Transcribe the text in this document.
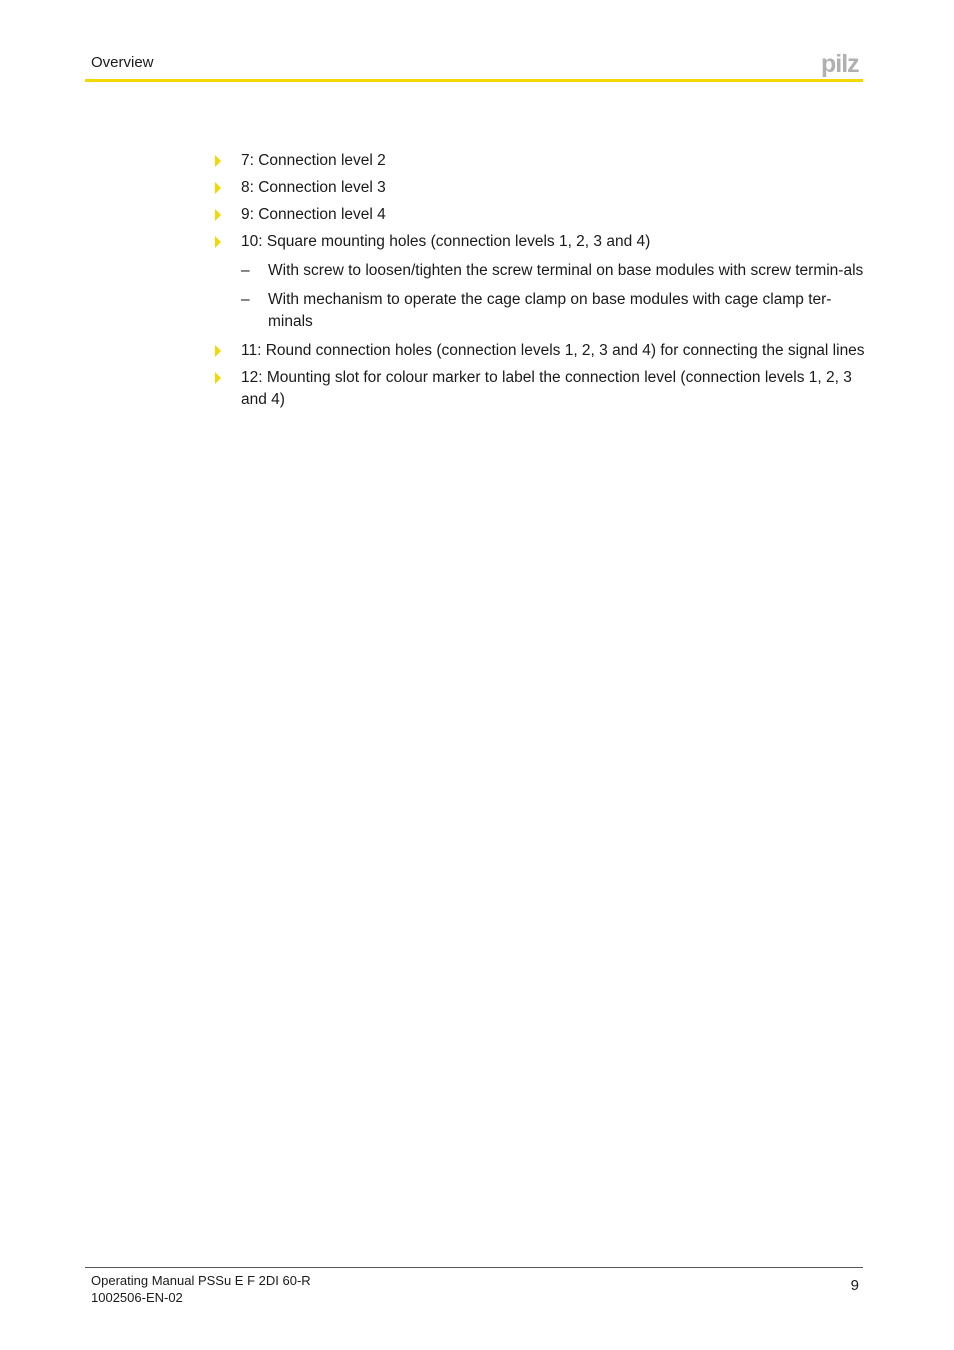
Overview	pilz
7: Connection level 2
8: Connection level 3
9: Connection level 4
10: Square mounting holes (connection levels 1, 2, 3 and 4)
– With screw to loosen/tighten the screw terminal on base modules with screw termin-als
– With mechanism to operate the cage clamp on base modules with cage clamp ter-minals
11: Round connection holes (connection levels 1, 2, 3 and 4) for connecting the signal lines
12: Mounting slot for colour marker to label the connection level (connection levels 1, 2, 3 and 4)
Operating Manual PSSu E F 2DI 60-R
1002506-EN-02
9
